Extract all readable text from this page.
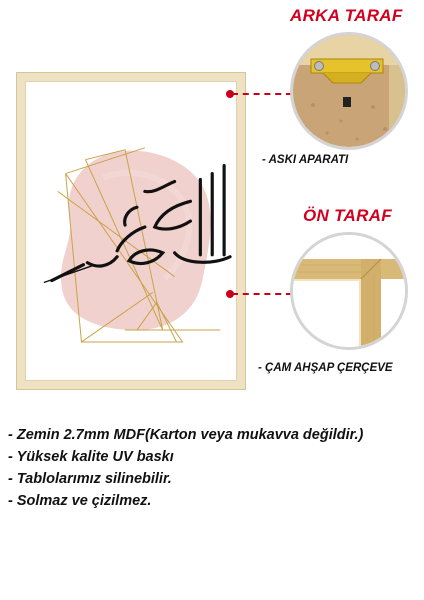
ARKA TARAF
- ASKI APARATI
ÖN TARAF
- ÇAM AHŞAP ÇERÇEVE
- Zemin 2.7mm MDF(Karton veya mukavva değildir.)
- Yüksek kalite UV baskı
- Tablolarımız silinebilir.
- Solmaz ve çizilmez.
